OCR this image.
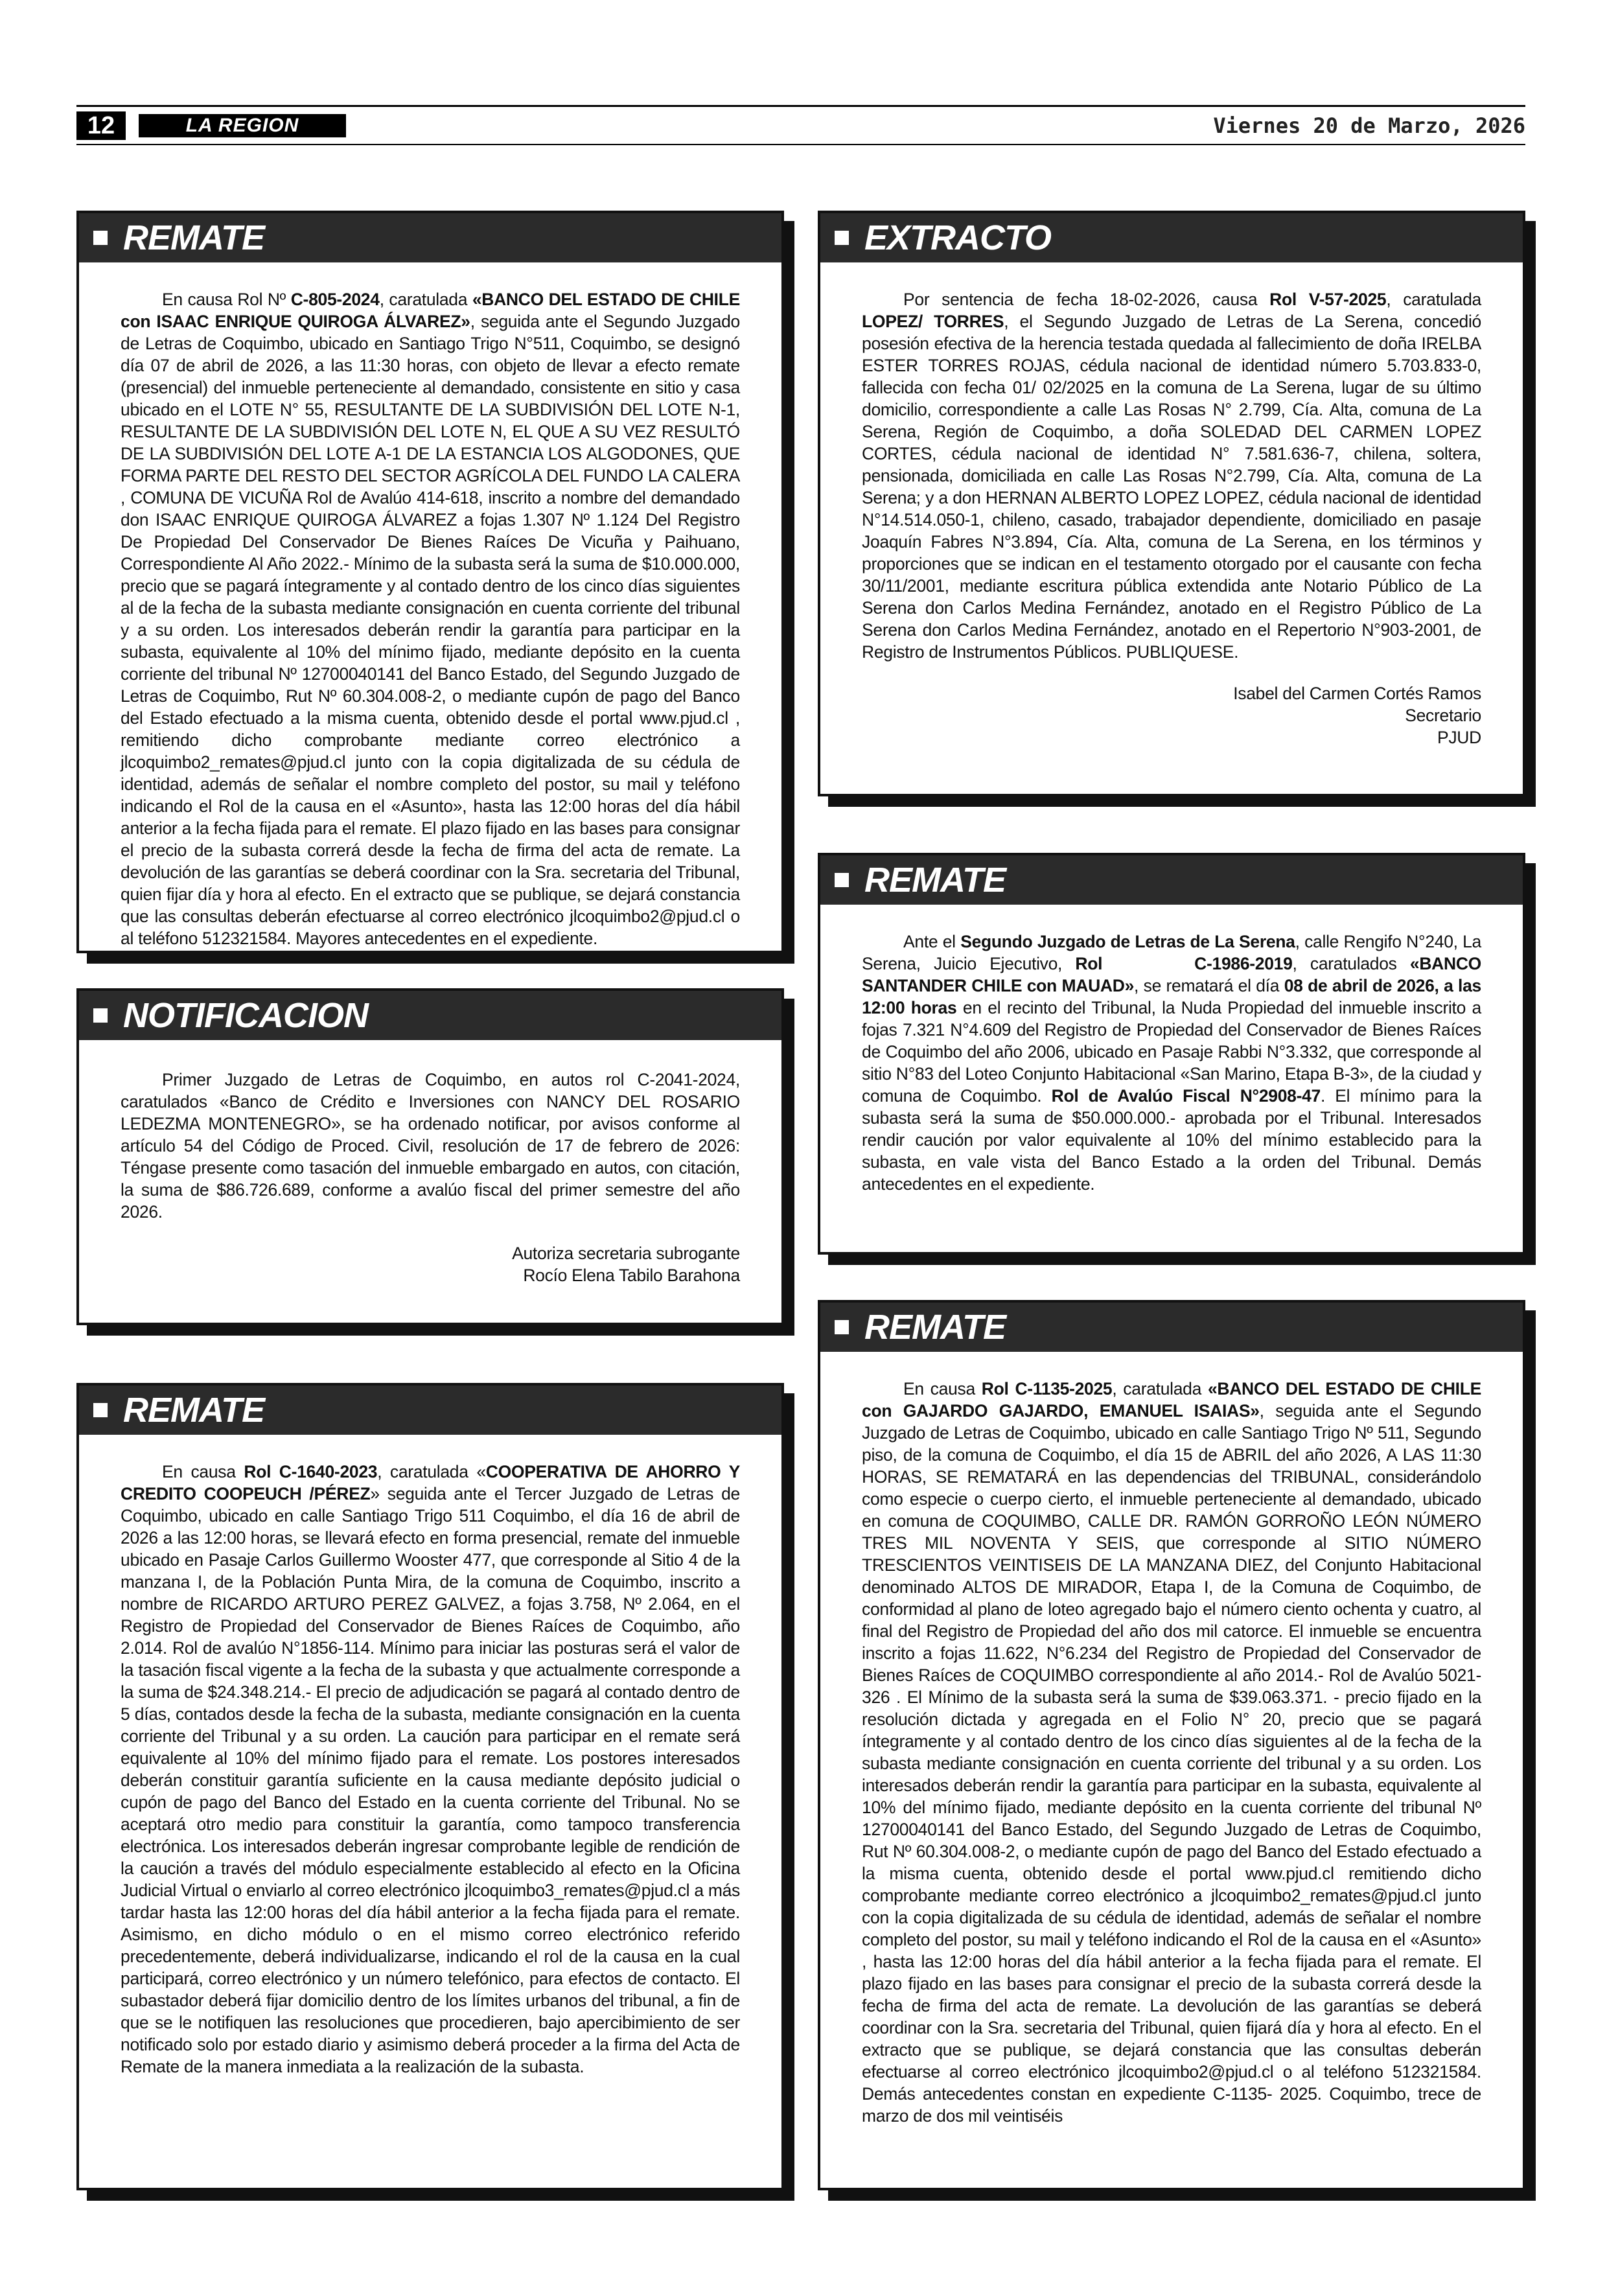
12	LA REGION	Viernes 20 de Marzo, 2026
REMATE

En causa Rol Nº C-805-2024, caratulada «BANCO DEL ESTADO DE CHILE con ISAAC ENRIQUE QUIROGA ÁLVAREZ», seguida ante el Segundo Juzgado de Letras de Coquimbo, ubicado en Santiago Trigo N°511, Coquimbo, se designó día 07 de abril de 2026, a las 11:30 horas, con objeto de llevar a efecto remate (presencial) del inmueble perteneciente al demandado, consistente en sitio y casa ubicado en el LOTE N° 55, RESULTANTE DE LA SUBDIVISIÓN DEL LOTE N-1, RESULTANTE DE LA SUBDIVISIÓN DEL LOTE N, EL QUE A SU VEZ RESULTÓ DE LA SUBDIVISIÓN DEL LOTE A-1 DE LA ESTANCIA LOS ALGODONES, QUE FORMA PARTE DEL RESTO DEL SECTOR AGRÍCOLA DEL FUNDO LA CALERA , COMUNA DE VICUÑA Rol de Avalúo 414-618, inscrito a nombre del demandado don ISAAC ENRIQUE QUIROGA ÁLVAREZ a fojas 1.307 Nº 1.124 Del Registro De Propiedad Del Conservador De Bienes Raíces De Vicuña y Paihuano, Correspondiente Al Año 2022.- Mínimo de la subasta será la suma de $10.000.000, precio que se pagará íntegramente y al contado dentro de los cinco días siguientes al de la fecha de la subasta mediante consignación en cuenta corriente del tribunal y a su orden. Los interesados deberán rendir la garantía para participar en la subasta, equivalente al 10% del mínimo fijado, mediante depósito en la cuenta corriente del tribunal Nº 12700040141 del Banco Estado, del Segundo Juzgado de Letras de Coquimbo, Rut Nº 60.304.008-2, o mediante cupón de pago del Banco del Estado efectuado a la misma cuenta, obtenido desde el portal www.pjud.cl , remitiendo dicho comprobante mediante correo electrónico a jlcoquimbo2_remates@pjud.cl junto con la copia digitalizada de su cédula de identidad, además de señalar el nombre completo del postor, su mail y teléfono indicando el Rol de la causa en el «Asunto», hasta las 12:00 horas del día hábil anterior a la fecha fijada para el remate. El plazo fijado en las bases para consignar el precio de la subasta correrá desde la fecha de firma del acta de remate. La devolución de las garantías se deberá coordinar con la Sra. secretaria del Tribunal, quien fijar día y hora al efecto. En el extracto que se publique, se dejará constancia que las consultas deberán efectuarse al correo electrónico jlcoquimbo2@pjud.cl o al teléfono 512321584. Mayores antecedentes en el expediente.

NOTIFICACION

Primer Juzgado de Letras de Coquimbo, en autos rol C-2041-2024, caratulados «Banco de Crédito e Inversiones con NANCY DEL ROSARIO LEDEZMA MONTENEGRO», se ha ordenado notificar, por avisos conforme al artículo 54 del Código de Proced. Civil, resolución de 17 de febrero de 2026: Téngase presente como tasación del inmueble embargado en autos, con citación, la suma de $86.726.689, conforme a avalúo fiscal del primer semestre del año 2026.

Autoriza secretaria subrogante
Rocío Elena Tabilo Barahona
REMATE

En causa Rol C-1640-2023, caratulada «COOPERATIVA DE AHORRO Y CREDITO COOPEUCH /PÉREZ» seguida ante el Tercer Juzgado de Letras de Coquimbo, ubicado en calle Santiago Trigo 511 Coquimbo, el día 16 de abril de 2026 a las 12:00 horas, se llevará efecto en forma presencial, remate del inmueble ubicado en Pasaje Carlos Guillermo Wooster 477, que corresponde al Sitio 4 de la manzana I, de la Población Punta Mira, de la comuna de Coquimbo, inscrito a nombre de RICARDO ARTURO PEREZ GALVEZ, a fojas 3.758, Nº 2.064, en el Registro de Propiedad del Conservador de Bienes Raíces de Coquimbo, año 2.014. Rol de avalúo N°1856-114. Mínimo para iniciar las posturas será el valor de la tasación fiscal vigente a la fecha de la subasta y que actualmente corresponde a la suma de $24.348.214.- El precio de adjudicación se pagará al contado dentro de 5 días, contados desde la fecha de la subasta, mediante consignación en la cuenta corriente del Tribunal y a su orden. La caución para participar en el remate será equivalente al 10% del mínimo fijado para el remate. Los postores interesados deberán constituir garantía suficiente en la causa mediante depósito judicial o cupón de pago del Banco del Estado en la cuenta corriente del Tribunal. No se aceptará otro medio para constituir la garantía, como tampoco transferencia electrónica. Los interesados deberán ingresar comprobante legible de rendición de la caución a través del módulo especialmente establecido al efecto en la Oficina Judicial Virtual o enviarlo al correo electrónico jlcoquimbo3_remates@pjud.cl a más tardar hasta las 12:00 horas del día hábil anterior a la fecha fijada para el remate. Asimismo, en dicho módulo o en el mismo correo electrónico referido precedentemente, deberá individualizarse, indicando el rol de la causa en la cual participará, correo electrónico y un número telefónico, para efectos de contacto. El subastador deberá fijar domicilio dentro de los límites urbanos del tribunal, a fin de que se le notifiquen las resoluciones que procedieren, bajo apercibimiento de ser notificado solo por estado diario y asimismo deberá proceder a la firma del Acta de Remate de la manera inmediata a la realización de la subasta.

EXTRACTO

Por sentencia de fecha 18-02-2026, causa Rol V-57-2025, caratulada LOPEZ/ TORRES, el Segundo Juzgado de Letras de La Serena, concedió posesión efectiva de la herencia testada quedada al fallecimiento de doña IRELBA ESTER TORRES ROJAS, cédula nacional de identidad número 5.703.833-0, fallecida con fecha 01/ 02/2025 en la comuna de La Serena, lugar de su último domicilio, correspondiente a calle Las Rosas N° 2.799, Cía. Alta, comuna de La Serena, Región de Coquimbo, a doña SOLEDAD DEL CARMEN LOPEZ CORTES, cédula nacional de identidad N° 7.581.636-7, chilena, soltera, pensionada, domiciliada en calle Las Rosas N°2.799, Cía. Alta, comuna de La Serena; y a don HERNAN ALBERTO LOPEZ LOPEZ, cédula nacional de identidad N°14.514.050-1, chileno, casado, trabajador dependiente, domiciliado en pasaje Joaquín Fabres N°3.894, Cía. Alta, comuna de La Serena, en los términos y proporciones que se indican en el testamento otorgado por el causante con fecha 30/11/2001, mediante escritura pública extendida ante Notario Público de La Serena don Carlos Medina Fernández, anotado en el Registro Público de La Serena don Carlos Medina Fernández, anotado en el Repertorio N°903-2001, de Registro de Instrumentos Públicos. PUBLIQUESE.

Isabel del Carmen Cortés Ramos
Secretario
PJUD
REMATE

Ante el Segundo Juzgado de Letras de La Serena, calle Rengifo N°240, La Serena, Juicio Ejecutivo, Rol       C-1986-2019, caratulados «BANCO SANTANDER CHILE con MAUAD», se rematará el día 08 de abril de 2026, a las 12:00 horas en el recinto del Tribunal, la Nuda Propiedad del inmueble inscrito a fojas 7.321 N°4.609 del Registro de Propiedad del Conservador de Bienes Raíces de Coquimbo del año 2006, ubicado en Pasaje Rabbi N°3.332, que corresponde al sitio N°83 del Loteo Conjunto Habitacional «San Marino, Etapa B-3», de la ciudad y comuna de Coquimbo. Rol de Avalúo Fiscal N°2908-47. El mínimo para la subasta será la suma de $50.000.000.- aprobada por el Tribunal. Interesados rendir caución por valor equivalente al 10% del mínimo establecido para la subasta, en vale vista del Banco Estado a la orden del Tribunal. Demás antecedentes en el expediente.

REMATE

En causa Rol C-1135-2025, caratulada «BANCO DEL ESTADO DE CHILE con GAJARDO GAJARDO, EMANUEL ISAIAS», seguida ante el Segundo Juzgado de Letras de Coquimbo, ubicado en calle Santiago Trigo Nº 511, Segundo piso, de la comuna de Coquimbo, el día 15 de ABRIL del año 2026, A LAS 11:30 HORAS, SE REMATARÁ en las dependencias del TRIBUNAL, considerándolo como especie o cuerpo cierto, el inmueble perteneciente al demandado, ubicado en comuna de COQUIMBO, CALLE DR. RAMÓN GORROÑO LEÓN NÚMERO TRES MIL NOVENTA Y SEIS, que corresponde al SITIO NÚMERO TRESCIENTOS VEINTISEIS DE LA MANZANA DIEZ, del Conjunto Habitacional denominado ALTOS DE MIRADOR, Etapa I, de la Comuna de Coquimbo, de conformidad al plano de loteo agregado bajo el número ciento ochenta y cuatro, al final del Registro de Propiedad del año dos mil catorce. El inmueble se encuentra inscrito a fojas 11.622, N°6.234 del Registro de Propiedad del Conservador de Bienes Raíces de COQUIMBO correspondiente al año 2014.- Rol de Avalúo 5021-326 . El Mínimo de la subasta será la suma de $39.063.371. - precio fijado en la resolución dictada y agregada en el Folio N° 20, precio que se pagará íntegramente y al contado dentro de los cinco días siguientes al de la fecha de la subasta mediante consignación en cuenta corriente del tribunal y a su orden. Los interesados deberán rendir la garantía para participar en la subasta, equivalente al 10% del mínimo fijado, mediante depósito en la cuenta corriente del tribunal Nº 12700040141 del Banco Estado, del Segundo Juzgado de Letras de Coquimbo, Rut Nº 60.304.008-2, o mediante cupón de pago del Banco del Estado efectuado a la misma cuenta, obtenido desde el portal www.pjud.cl remitiendo dicho comprobante mediante correo electrónico a jlcoquimbo2_remates@pjud.cl junto con la copia digitalizada de su cédula de identidad, además de señalar el nombre completo del postor, su mail y teléfono indicando el Rol de la causa en el «Asunto» , hasta las 12:00 horas del día hábil anterior a la fecha fijada para el remate. El plazo fijado en las bases para consignar el precio de la subasta correrá desde la fecha de firma del acta de remate. La devolución de las garantías se deberá coordinar con la Sra. secretaria del Tribunal, quien fijará día y hora al efecto. En el extracto que se publique, se dejará constancia que las consultas deberán efectuarse al correo electrónico jlcoquimbo2@pjud.cl o al teléfono 512321584. Demás antecedentes constan en expediente C-1135- 2025. Coquimbo, trece de marzo de dos mil veintiséis
